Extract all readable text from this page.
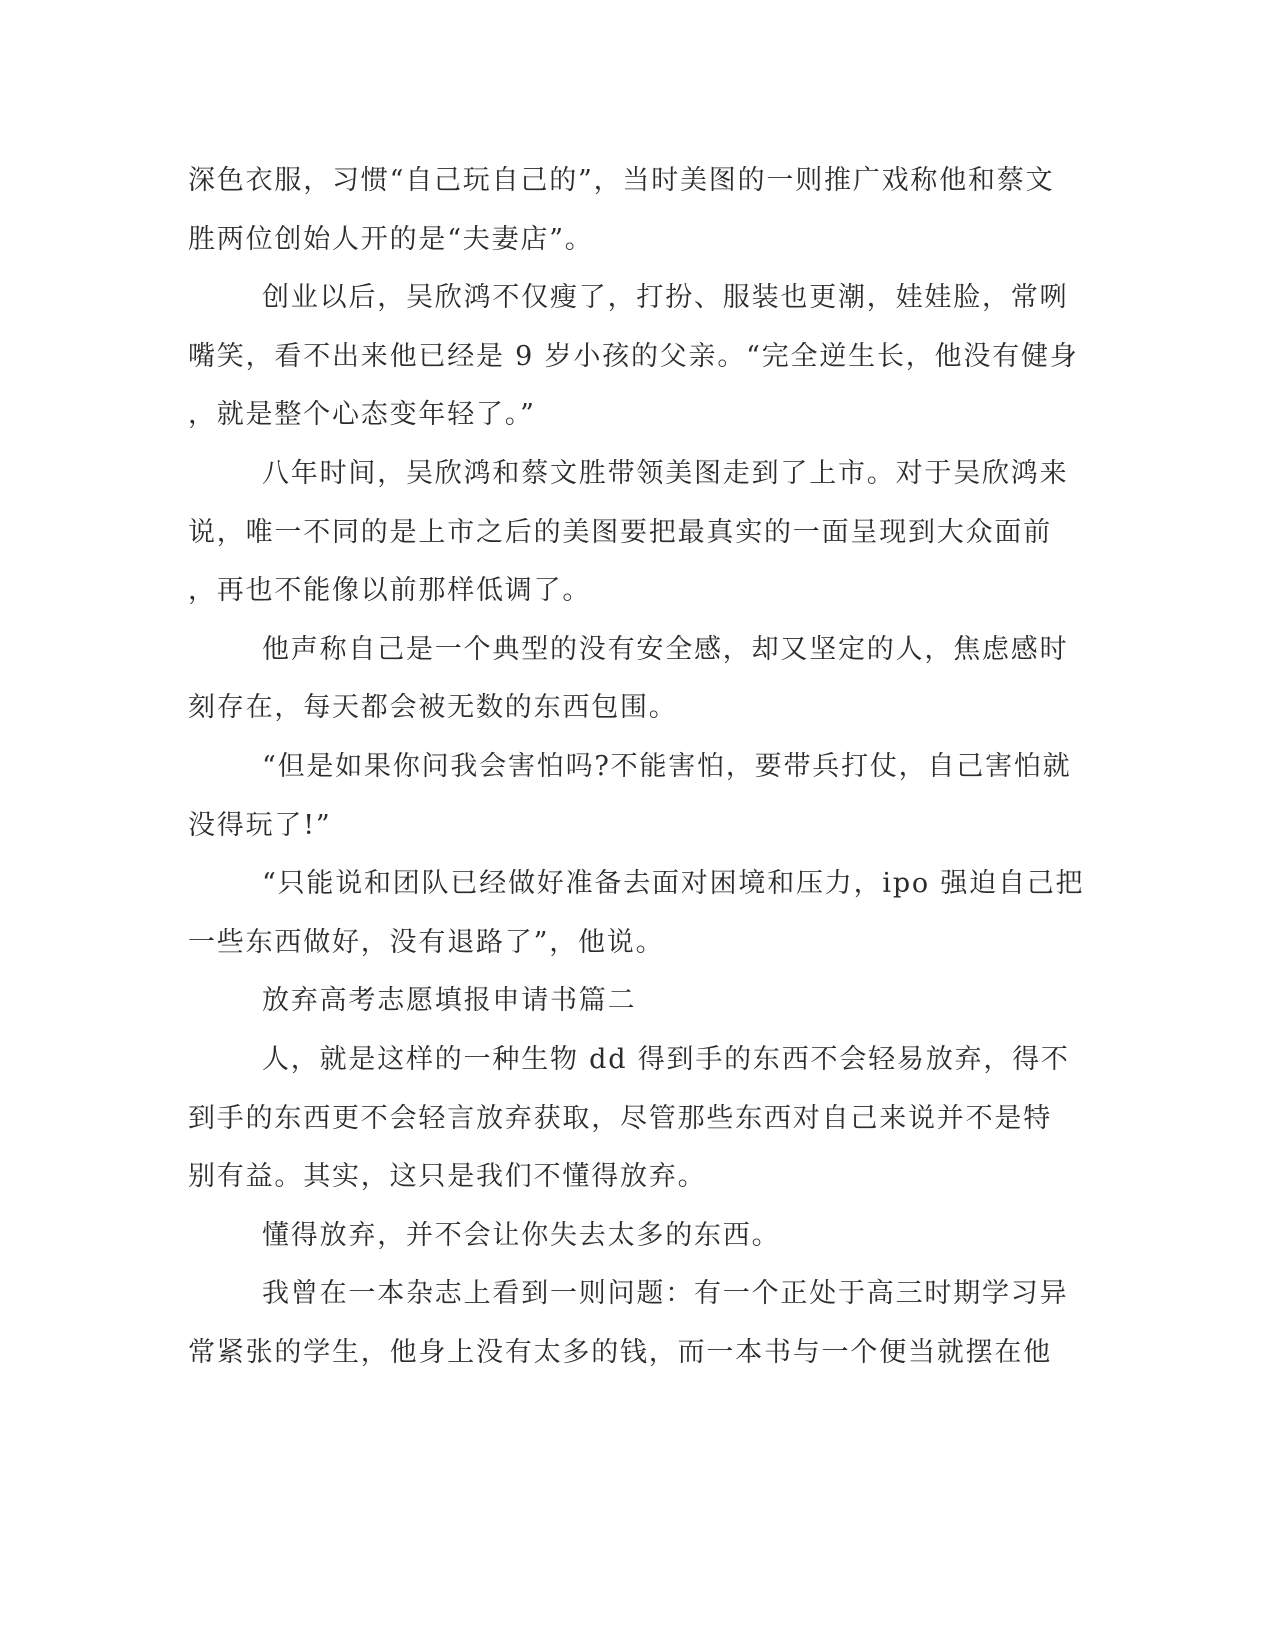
深色衣服，习惯“自己玩自己的”，当时美图的一则推广戏称他和蔡文
胜两位创始人开的是“夫妻店”。
创业以后，吴欣鸿不仅瘦了，打扮、服装也更潮，娃娃脸，常咧
嘴笑，看不出来他已经是 9 岁小孩的父亲。“完全逆生长，他没有健身
，就是整个心态变年轻了。”
八年时间，吴欣鸿和蔡文胜带领美图走到了上市。对于吴欣鸿来
说，唯一不同的是上市之后的美图要把最真实的一面呈现到大众面前
，再也不能像以前那样低调了。
他声称自己是一个典型的没有安全感，却又坚定的人，焦虑感时
刻存在，每天都会被无数的东西包围。
“但是如果你问我会害怕吗?不能害怕，要带兵打仗，自己害怕就
没得玩了!”
“只能说和团队已经做好准备去面对困境和压力，ipo 强迫自己把
一些东西做好，没有退路了”，他说。
放弃高考志愿填报申请书篇二
人，就是这样的一种生物 dd 得到手的东西不会轻易放弃，得不
到手的东西更不会轻言放弃获取，尽管那些东西对自己来说并不是特
别有益。其实，这只是我们不懂得放弃。
懂得放弃，并不会让你失去太多的东西。
我曾在一本杂志上看到一则问题：有一个正处于高三时期学习异
常紧张的学生，他身上没有太多的钱，而一本书与一个便当就摆在他
